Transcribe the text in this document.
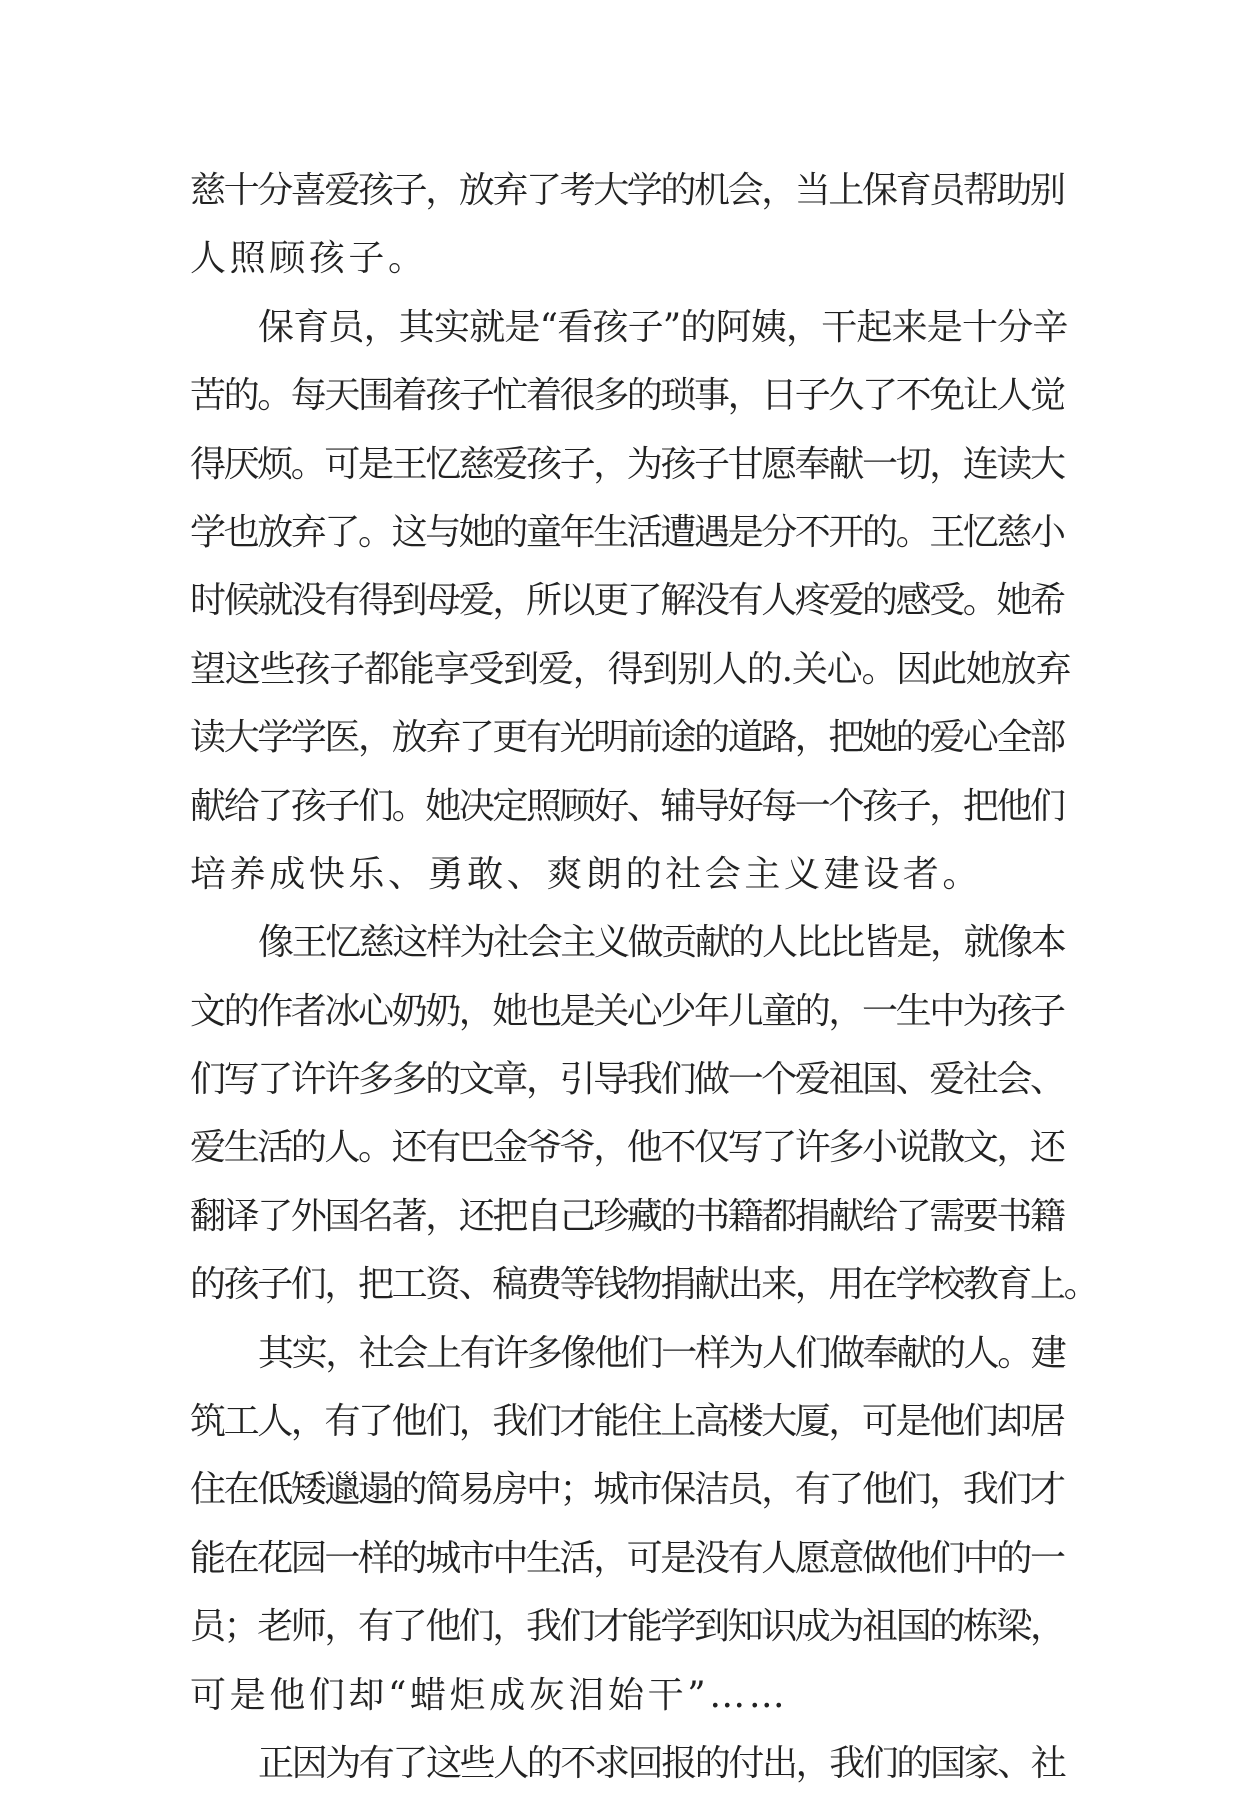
慈十分喜爱孩子，放弃了考大学的机会，当上保育员帮助别
人照顾孩子。
保育员，其实就是“看孩子”的阿姨，干起来是十分辛
苦的。每天围着孩子忙着很多的琐事，日子久了不免让人觉
得厌烦。可是王忆慈爱孩子，为孩子甘愿奉献一切，连读大
学也放弃了。这与她的童年生活遭遇是分不开的。王忆慈小
时候就没有得到母爱，所以更了解没有人疼爱的感受。她希
望这些孩子都能享受到爱，得到别人的.关心。因此她放弃
读大学学医，放弃了更有光明前途的道路，把她的爱心全部
献给了孩子们。她决定照顾好、辅导好每一个孩子，把他们
培养成快乐、勇敢、爽朗的社会主义建设者。
像王忆慈这样为社会主义做贡献的人比比皆是，就像本
文的作者冰心奶奶，她也是关心少年儿童的，一生中为孩子
们写了许许多多的文章，引导我们做一个爱祖国、爱社会、
爱生活的人。还有巴金爷爷，他不仅写了许多小说散文，还
翻译了外国名著，还把自己珍藏的书籍都捐献给了需要书籍
的孩子们，把工资、稿费等钱物捐献出来，用在学校教育上。
其实，社会上有许多像他们一样为人们做奉献的人。建
筑工人，有了他们，我们才能住上高楼大厦，可是他们却居
住在低矮邋遢的简易房中；城市保洁员，有了他们，我们才
能在花园一样的城市中生活，可是没有人愿意做他们中的一
员；老师，有了他们，我们才能学到知识成为祖国的栋梁，
可是他们却“蜡炬成灰泪始干”……
正因为有了这些人的不求回报的付出，我们的国家、社
